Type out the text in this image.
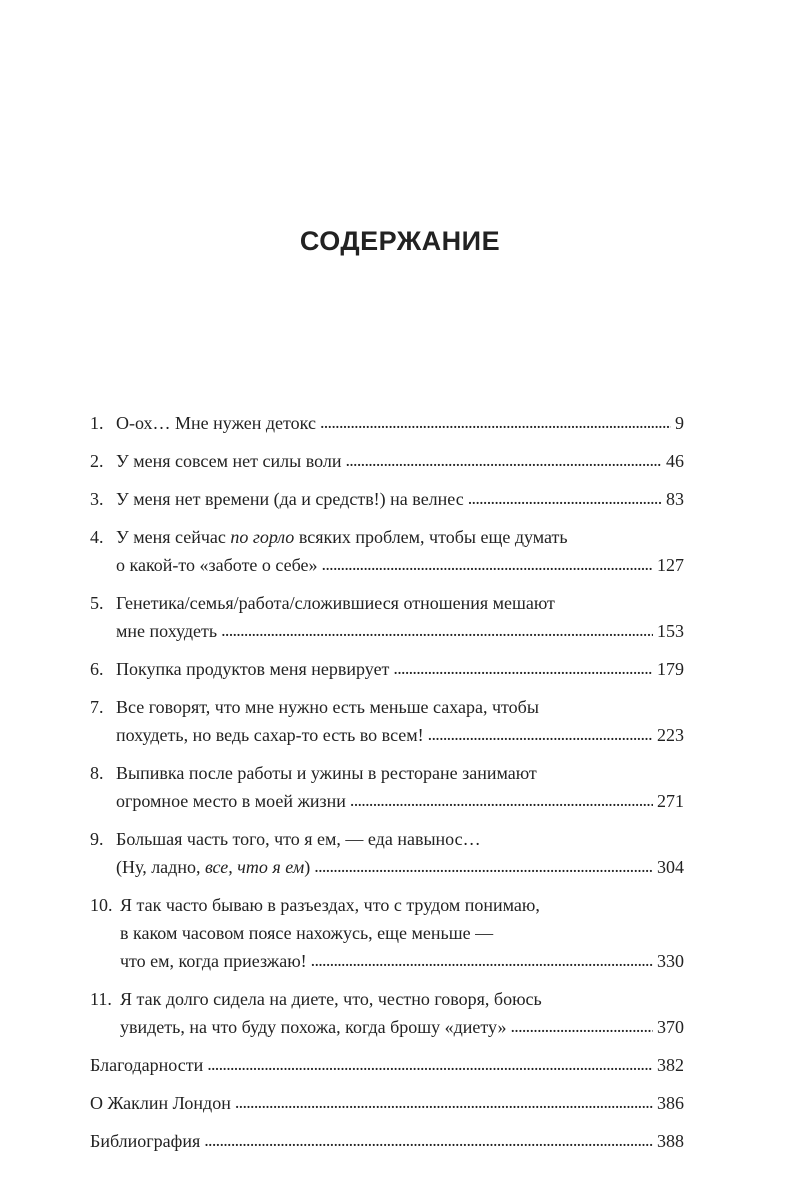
СОДЕРЖАНИЕ
1. О-ох… Мне нужен детокс . . .	9
2. У меня совсем нет силы воли . . .	46
3. У меня нет времени (да и средств!) на велнес . . .	83
4. У меня сейчас по горло всяких проблем, чтобы еще думать
о какой-то «заботе о себе» . . .	127
5. Генетика/семья/работа/сложившиеся отношения мешают
мне похудеть . . .	153
6. Покупка продуктов меня нервирует . . .	179
7. Все говорят, что мне нужно есть меньше сахара, чтобы
похудеть, но ведь сахар-то есть во всем! . . .	223
8. Выпивка после работы и ужины в ресторане занимают
огромное место в моей жизни . . .	271
9. Большая часть того, что я ем, — еда навынос…
(Ну, ладно, все, что я ем) . . .	304
10. Я так часто бываю в разъездах, что с трудом понимаю,
в каком часовом поясе нахожусь, еще меньше —
что ем, когда приезжаю! . . .	330
11. Я так долго сидела на диете, что, честно говоря, боюсь
увидеть, на что буду похожа, когда брошу «диету» . . .	370
Благодарности . . .	382
О Жаклин Лондон . . .	386
Библиография . . .	388
